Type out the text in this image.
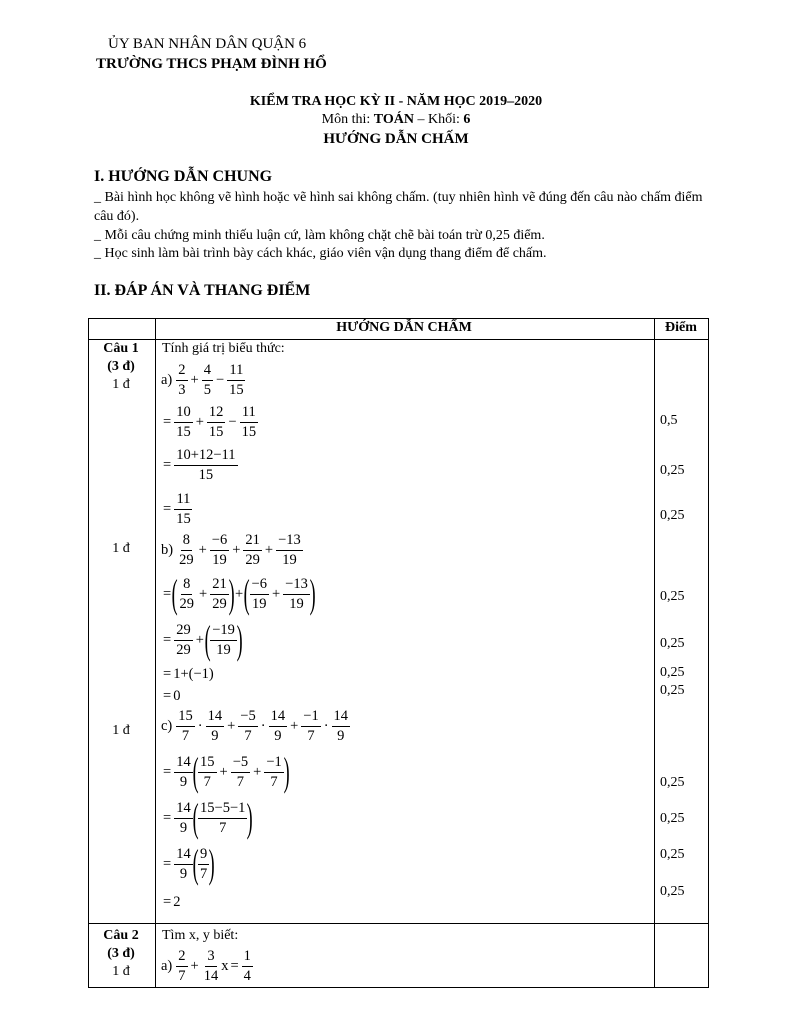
ỦY BAN NHÂN DÂN QUẬN 6
TRƯỜNG THCS PHẠM ĐÌNH HỔ
KIỂM TRA HỌC KỲ II - NĂM HỌC 2019–2020
Môn thi: TOÁN – Khối: 6
HƯỚNG DẪN CHẤM
I. HƯỚNG DẪN CHUNG

_ Bài hình học không vẽ hình hoặc vẽ hình sai không chấm. (tuy nhiên hình vẽ đúng đến câu nào chấm điểm câu đó).

_ Mỗi câu chứng minh thiếu luận cứ, làm không chặt chẽ bài toán trừ 0,25 điểm.

_ Học sinh làm bài trình bày cách khác, giáo viên vận dụng thang điểm để chấm.

II. ĐÁP ÁN VÀ THANG ĐIỂM
HƯỚNG DẪN CHẤM	Điểm
Câu 1
(3 đ)
1 đ
1 đ
1 đ
Tính giá trị biểu thức:
$a) \frac{2}{3} + \frac{4}{5} - \frac{11}{15}$
= $\frac{10}{15} + \frac{12}{15} - \frac{11}{15}$
= $\frac{10+12-11}{15}$
= $\frac{11}{15}$
$b) \frac{8}{29} + \frac{-6}{19} + \frac{21}{29} + \frac{-13}{19}$
= ( $\frac{8}{29} + \frac{21}{29}$ ) + ( $\frac{-6}{19} + \frac{-13}{19}$ )
= $\frac{29}{29}$ + ( $\frac{-19}{19}$ )
= 1+(−1)
= 0
$c) \frac{15}{7} \cdot \frac{14}{9} + \frac{-5}{7} \cdot \frac{14}{9} + \frac{-1}{7} \cdot \frac{14}{9}$
= $\frac{14}{9}$ ( $\frac{15}{7} + \frac{-5}{7} + \frac{-1}{7}$ )
= $\frac{14}{9}$ ( $\frac{15-5-1}{7}$ )
= $\frac{14}{9}$ ( $\frac{9}{7}$ )
= 2
0,5
0,25
0,25
0,25
0,25
0,25
0,25
0,25
0,25
0,25
0,25
Câu 2
(3 đ)
1 đ
Tìm x, y biết:
$a) \frac{2}{7} + \frac{3}{14}$ $x = \frac{1}{4}$
